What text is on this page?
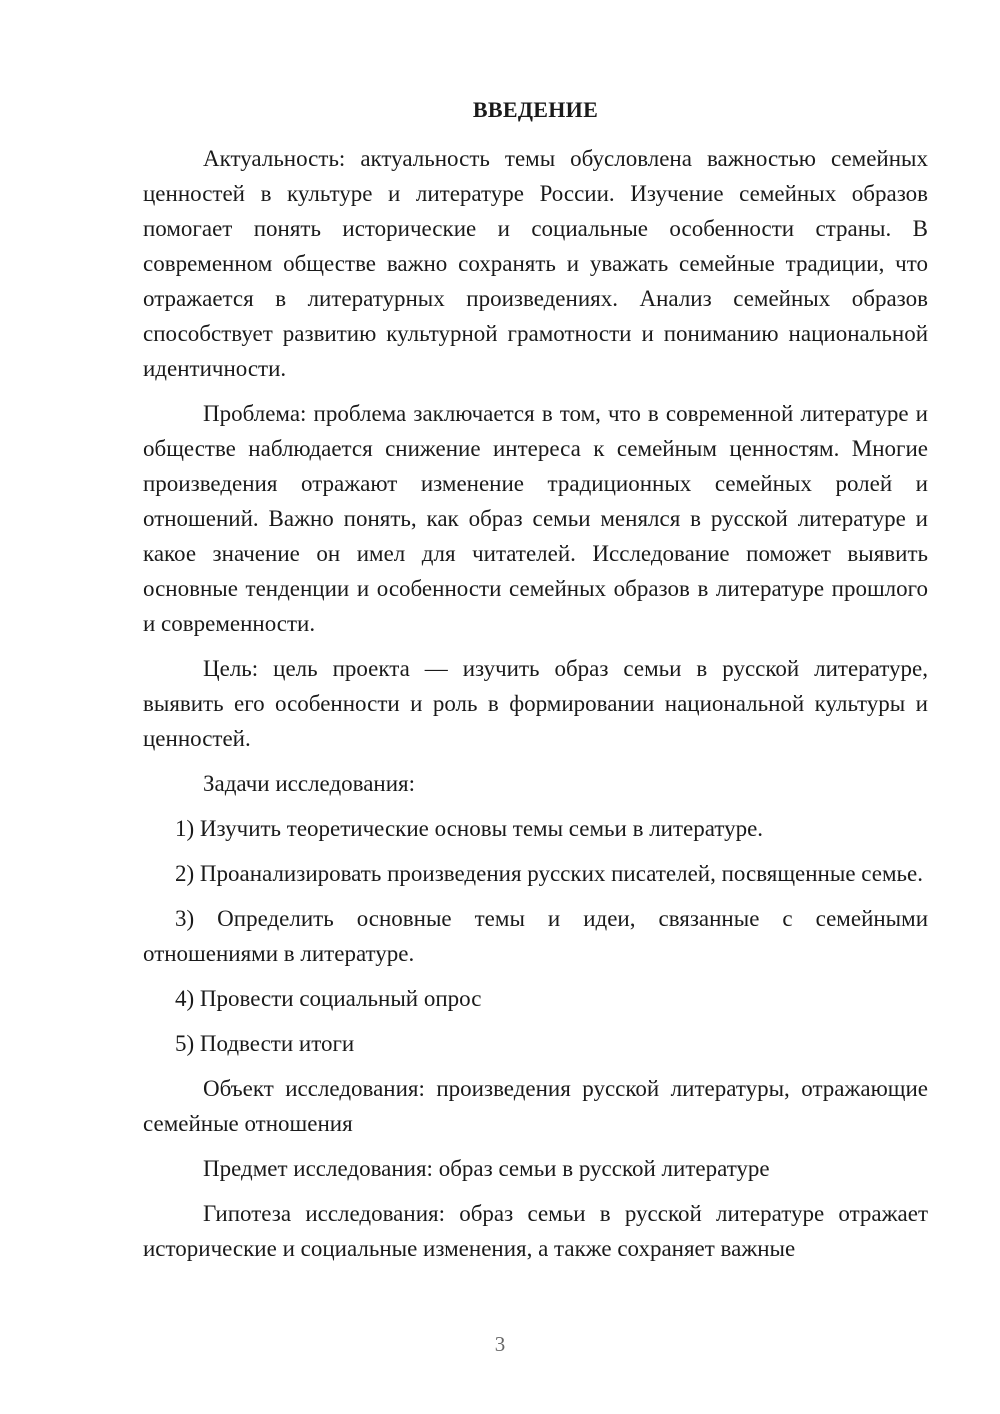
ВВЕДЕНИЕ

Актуальность: актуальность темы обусловлена важностью семейных ценностей в культуре и литературе России. Изучение семейных образов помогает понять исторические и социальные особенности страны. В современном обществе важно сохранять и уважать семейные традиции, что отражается в литературных произведениях. Анализ семейных образов способствует развитию культурной грамотности и пониманию национальной идентичности.

Проблема: проблема заключается в том, что в современной литературе и обществе наблюдается снижение интереса к семейным ценностям. Многие произведения отражают изменение традиционных семейных ролей и отношений. Важно понять, как образ семьи менялся в русской литературе и какое значение он имел для читателей. Исследование поможет выявить основные тенденции и особенности семейных образов в литературе прошлого и современности.

Цель: цель проекта — изучить образ семьи в русской литературе, выявить его особенности и роль в формировании национальной культуры и ценностей.

Задачи исследования:

1) Изучить теоретические основы темы семьи в литературе.

2) Проанализировать произведения русских писателей, посвященные семье.

3) Определить основные темы и идеи, связанные с семейными отношениями в литературе.

4) Провести социальный опрос

5) Подвести итоги

Объект исследования: произведения русской литературы, отражающие семейные отношения

Предмет исследования: образ семьи в русской литературе

Гипотеза исследования: образ семьи в русской литературе отражает исторические и социальные изменения, а также сохраняет важные

3
